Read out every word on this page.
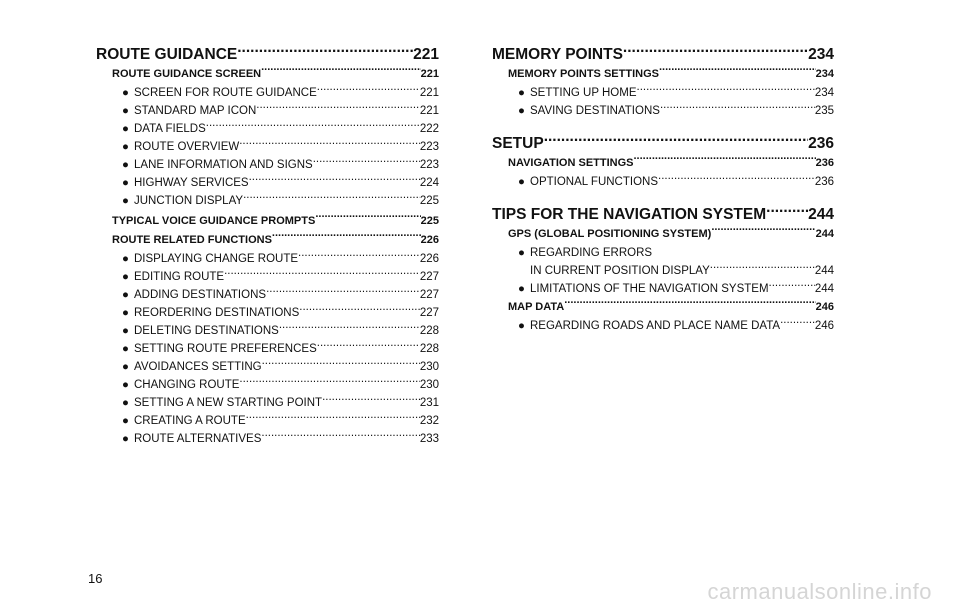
ROUTE GUIDANCE .....	221
ROUTE GUIDANCE SCREEN .....	221
● SCREEN FOR ROUTE GUIDANCE .....	221
● STANDARD MAP ICON .....	221
● DATA FIELDS .....	222
● ROUTE OVERVIEW .....	223
● LANE INFORMATION AND SIGNS .....	223
● HIGHWAY SERVICES .....	224
● JUNCTION DISPLAY .....	225
TYPICAL VOICE GUIDANCE PROMPTS .....	225
ROUTE RELATED FUNCTIONS .....	226
● DISPLAYING CHANGE ROUTE .....	226
● EDITING ROUTE .....	227
● ADDING DESTINATIONS .....	227
● REORDERING DESTINATIONS .....	227
● DELETING DESTINATIONS .....	228
● SETTING ROUTE PREFERENCES .....	228
● AVOIDANCES SETTING .....	230
● CHANGING ROUTE .....	230
● SETTING A NEW STARTING POINT .....	231
● CREATING A ROUTE .....	232
● ROUTE ALTERNATIVES .....	233
MEMORY POINTS .....	234
MEMORY POINTS SETTINGS .....	234
● SETTING UP HOME .....	234
● SAVING DESTINATIONS .....	235
SETUP .....	236
NAVIGATION SETTINGS .....	236
● OPTIONAL FUNCTIONS .....	236
TIPS FOR THE NAVIGATION SYSTEM .....	244
GPS (GLOBAL POSITIONING SYSTEM) .....	244
● REGARDING ERRORS
IN CURRENT POSITION DISPLAY .....	244
● LIMITATIONS OF THE NAVIGATION SYSTEM .....	244
MAP DATA .....	246
● REGARDING ROADS AND PLACE NAME DATA .....	246
16
carmanualsonline.info
